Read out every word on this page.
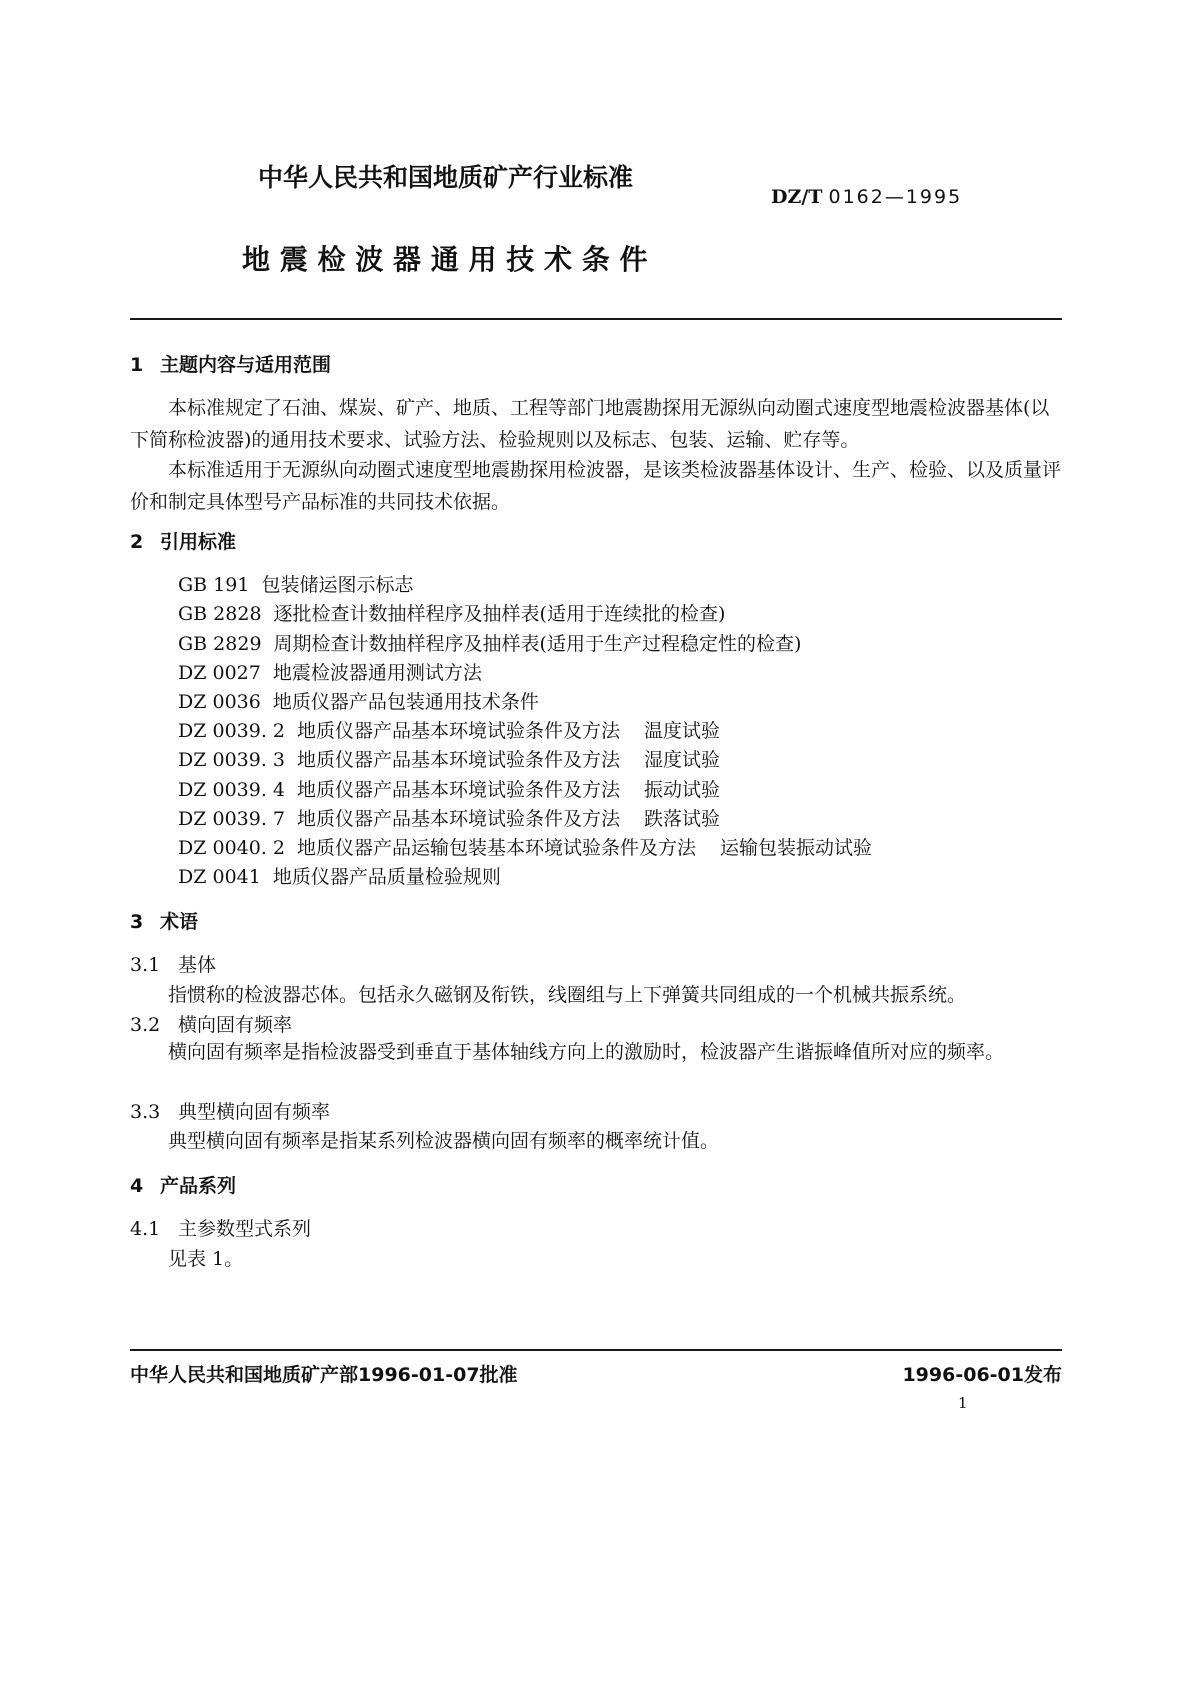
中华人民共和国地质矿产行业标准
DZ/T 0162—1995
地 震 检 波 器 通 用 技 术 条 件
1 主题内容与适用范围
本标准规定了石油、煤炭、矿产、地质、工程等部门地震勘探用无源纵向动圈式速度型地震检波器基体(以下简称检波器)的通用技术要求、试验方法、检验规则以及标志、包装、运输、贮存等。
本标准适用于无源纵向动圈式速度型地震勘探用检波器，是该类检波器基体设计、生产、检验、以及质量评价和制定具体型号产品标准的共同技术依据。
2 引用标准
GB 191 包装储运图示标志
GB 2828 逐批检查计数抽样程序及抽样表(适用于连续批的检查)
GB 2829 周期检查计数抽样程序及抽样表(适用于生产过程稳定性的检查)
DZ 0027 地震检波器通用测试方法
DZ 0036 地质仪器产品包装通用技术条件
DZ 0039. 2 地质仪器产品基本环境试验条件及方法 温度试验
DZ 0039. 3 地质仪器产品基本环境试验条件及方法 湿度试验
DZ 0039. 4 地质仪器产品基本环境试验条件及方法 振动试验
DZ 0039. 7 地质仪器产品基本环境试验条件及方法 跌落试验
DZ 0040. 2 地质仪器产品运输包装基本环境试验条件及方法 运输包装振动试验
DZ 0041 地质仪器产品质量检验规则
3 术语
3.1 基体
指惯称的检波器芯体。包括永久磁钢及衔铁，线圈组与上下弹簧共同组成的一个机械共振系统。
3.2 横向固有频率
横向固有频率是指检波器受到垂直于基体轴线方向上的激励时，检波器产生谐振峰值所对应的频率。
3.3 典型横向固有频率
典型横向固有频率是指某系列检波器横向固有频率的概率统计值。
4 产品系列
4.1 主参数型式系列
见表 1。
中华人民共和国地质矿产部1996-01-07批准	1996-06-01发布
1
